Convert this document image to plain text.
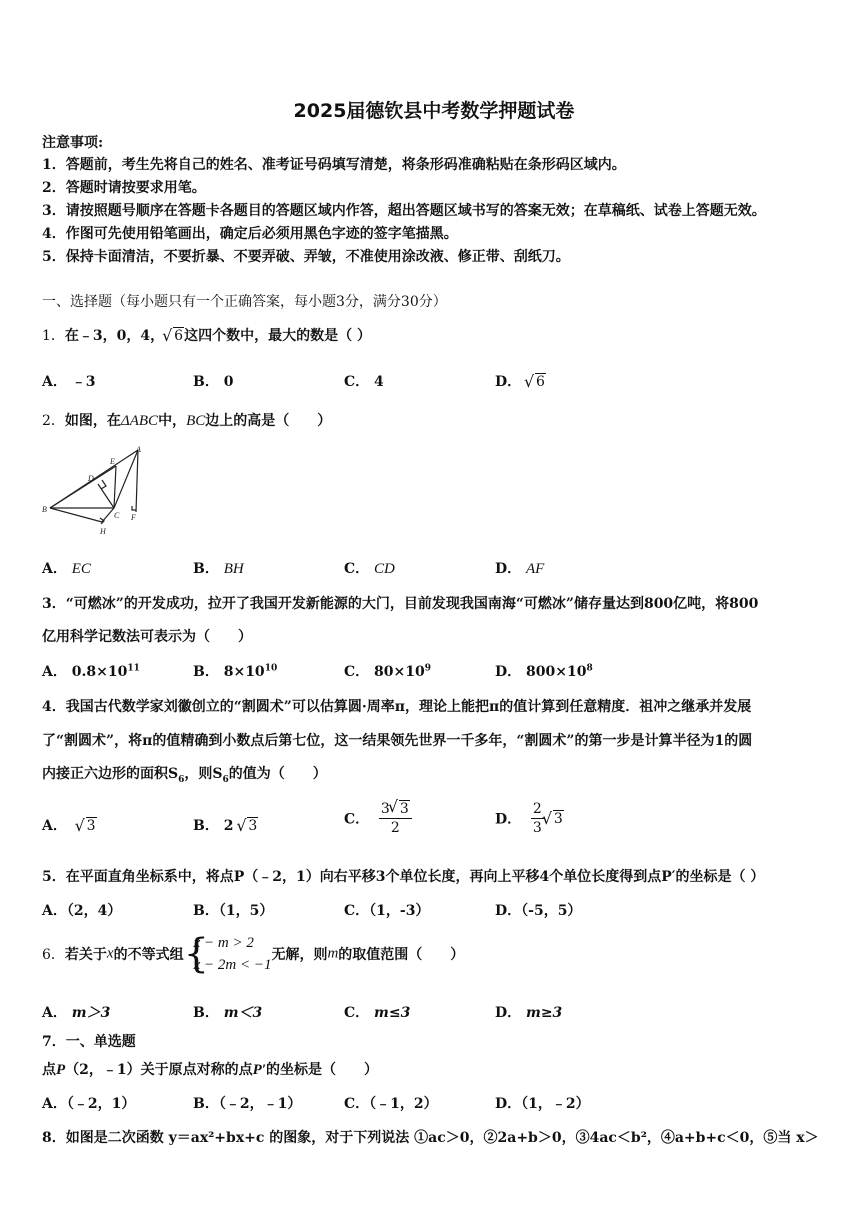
2025届德钦县中考数学押题试卷
注意事项:
1．答题前，考生先将自己的姓名、准考证号码填写清楚，将条形码准确粘贴在条形码区域内。
2．答题时请按要求用笔。
3．请按照题号顺序在答题卡各题目的答题区域内作答，超出答题区域书写的答案无效；在草稿纸、试卷上答题无效。
4．作图可先使用铅笔画出，确定后必须用黑色字迹的签字笔描黑。
5．保持卡面清洁，不要折暴、不要弄破、弄皱，不准使用涂改液、修正带、刮纸刀。
一、选择题（每小题只有一个正确答案，每小题3分，满分30分）
1．在﹣3，0，4， √ 6这四个数中，最大的数是（ ）
A． ﹣3	B． 0	C． 4	D． √ 6
2．如图，在ΔABC中，BC边上的高是（　　）
D
E
A
B
C F
H
A． EC	B． BH	C． CD	D． AF
3．“可燃冰”的开发成功，拉开了我国开发新能源的大门，目前发现我国南海“可燃冰”储存量达到800亿吨，将800
亿用科学记数法可表示为（　　）
A． $0.8\times 10^{11}$	B． $8\times 10^{10}$	C． $80\times 10^9$	D． $800\times 10^8$
4．我国古代数学家刘徽创立的“割圆术”可以估算圆·周率π，理论上能把π的值计算到任意精度．祖冲之继承并发展
了“割圆术”，将π的值精确到小数点后第七位，这一结果领先世界一千多年，“割圆术”的第一步是计算半径为1的圆
内接正六边形的面积$S_6$，则$S_6$的值为（　　）
A． √ 3	B． 2 √ 3	C． $\frac{3 √ 3}{2}$	D． $\frac{2}{3}$ √ 3
5．在平面直角坐标系中，将点P（﹣2，1）向右平移3个单位长度，再向上平移4个单位长度得到点P′的坐标是（ ）
A．（2，4）	B．（1，5）	C．（1，-3）	D．（-5，5）
6．若关于x的不等式组 {
x − m > 2
x − 2m < −1
无解，则m的取值范围（　　）
A． m＞3	B． m＜3	C． m≤3	D． m≥3
7．一、单选题
点P（2，﹣1）关于原点对称的点P′的坐标是（　　）
A．（﹣2，1）	B．（﹣2，﹣1）	C．（﹣1，2）	D．（1，﹣2）
8．如图是二次函数 y＝ax²+bx+c 的图象，对于下列说法 ①ac＞0，②2a+b＞0，③4ac＜b²，④a+b+c＜0，⑤当 x＞
